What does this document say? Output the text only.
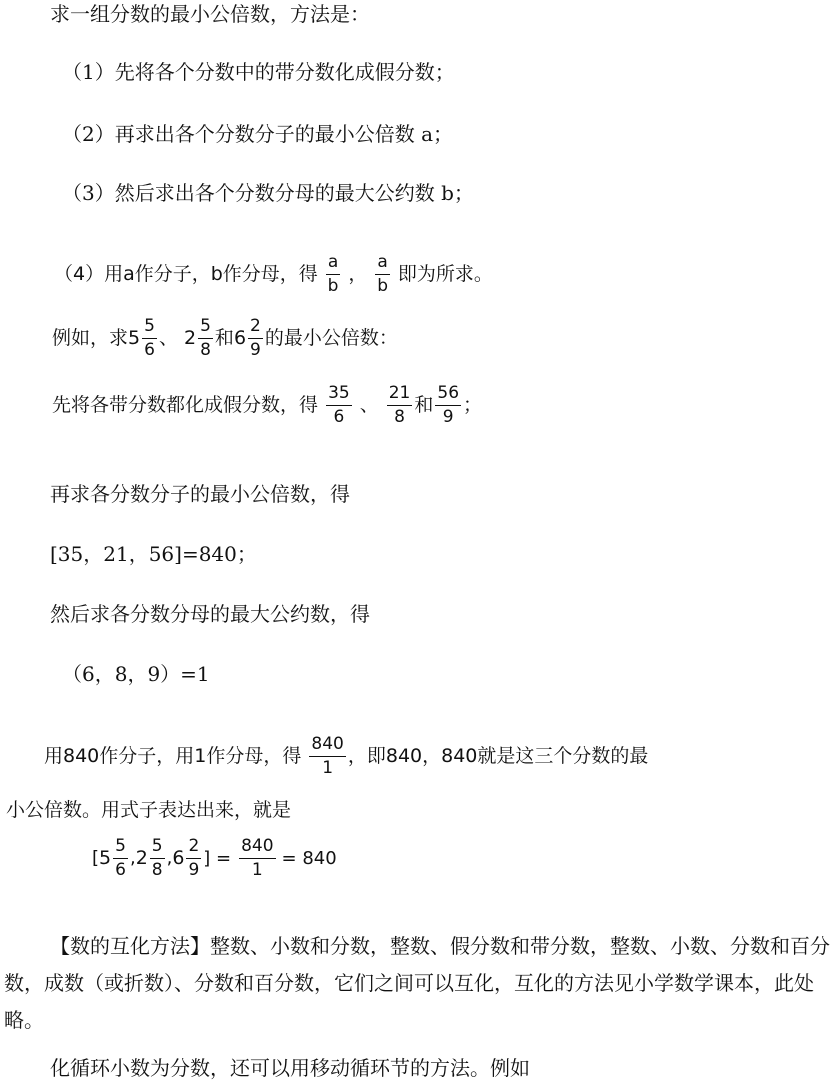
求一组分数的最小公倍数，方法是：
（1）先将各个分数中的带分数化成假分数；
（2）再求出各个分数分子的最小公倍数 a；
（3）然后求出各个分数分母的最大公约数 b；
（4）用a作分子，b作分母，得 $\frac{a}{b}$ ， $\frac{a}{b}$ 即为所求。
例如，求$5 \frac{5}{6}$ 、 $2 \frac{5}{8}$ 和$6 \frac{2}{9}$ 的最小公倍数：
先将各带分数都化成假分数，得 $\frac{35}{6}$ 、 $\frac{21}{8}$ 和 $\frac{56}{9}$ ；
再求各分数分子的最小公倍数，得
[35，21，56]=840；
然后求各分数分母的最大公约数，得
（6，8，9）=1
用840作分子，用1作分母，得 $\frac{840}{1}$ ，即840，840就是这三个分数的最
小公倍数。用式子表达出来，就是
[$5 \frac{5}{6} ,2 \frac{5}{8} ,6 \frac{2}{9}$ ] = $\frac{840}{1} = 840$
【数的互化方法】整数、小数和分数，整数、假分数和带分数，整数、小数、分数和百分数，成数（或折数）、分数和百分数，它们之间可以互化，互化的方法见小学数学课本，此处略。
化循环小数为分数，还可以用移动循环节的方法。例如
